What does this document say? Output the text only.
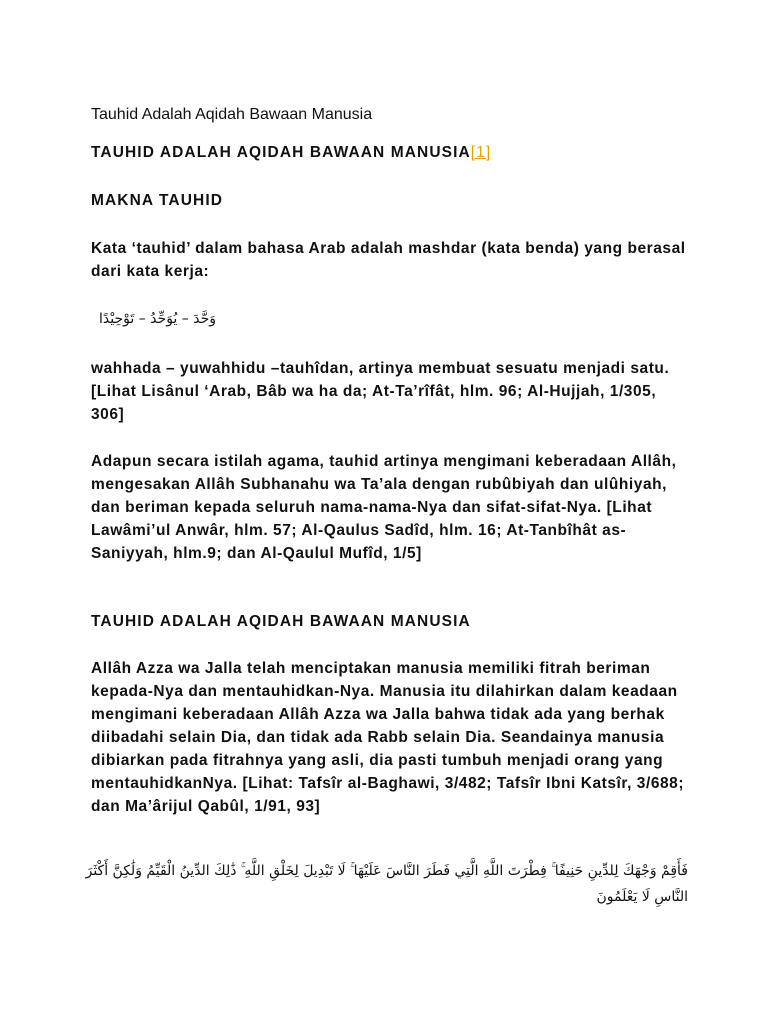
Tauhid Adalah Aqidah Bawaan Manusia
TAUHID ADALAH AQIDAH BAWAAN MANUSIA[1]
MAKNA TAUHID
Kata ‘tauhid’ dalam bahasa Arab adalah mashdar (kata benda) yang berasal dari kata kerja:
وَحَّدَ – يُوَحِّدُ – تَوْحِيْدًا
wahhada – yuwahhidu –tauhîdan, artinya membuat sesuatu menjadi satu. [Lihat Lisânul ‘Arab, Bâb wa ha da; At-Ta’rîfât, hlm. 96; Al-Hujjah, 1/305, 306]
Adapun secara istilah agama, tauhid artinya mengimani keberadaan Allâh, mengesakan Allâh Subhanahu wa Ta’ala dengan rubûbiyah dan ulûhiyah, dan beriman kepada seluruh nama-nama-Nya dan sifat-sifat-Nya. [Lihat Lawâmi’ul Anwâr, hlm. 57; Al-Qaulus Sadîd, hlm. 16; At-Tanbîhât as-Saniyyah, hlm.9; dan Al-Qaulul Mufîd, 1/5]
TAUHID ADALAH AQIDAH BAWAAN MANUSIA
Allâh Azza wa Jalla telah menciptakan manusia memiliki fitrah beriman kepada-Nya dan mentauhidkan-Nya. Manusia itu dilahirkan dalam keadaan mengimani keberadaan Allâh Azza wa Jalla bahwa tidak ada yang berhak diibadahi selain Dia, dan tidak ada Rabb selain Dia. Seandainya manusia dibiarkan pada fitrahnya yang asli, dia pasti tumbuh menjadi orang yang mentauhidkanNya. [Lihat: Tafsîr al-Baghawi, 3/482; Tafsîr Ibni Katsîr, 3/688; dan Ma’ârijul Qabûl, 1/91, 93]
فَأَقِمْ وَجْهَكَ لِلدِّينِ حَنِيفًا ۚ فِطْرَتَ اللَّهِ الَّتِي فَطَرَ النَّاسَ عَلَيْهَا ۚ لَا تَبْدِيلَ لِخَلْقِ اللَّهِ ۚ ذَٰلِكَ الدِّينُ الْقَيِّمُ وَلَٰكِنَّ أَكْثَرَ النَّاسِ لَا يَعْلَمُونَ
